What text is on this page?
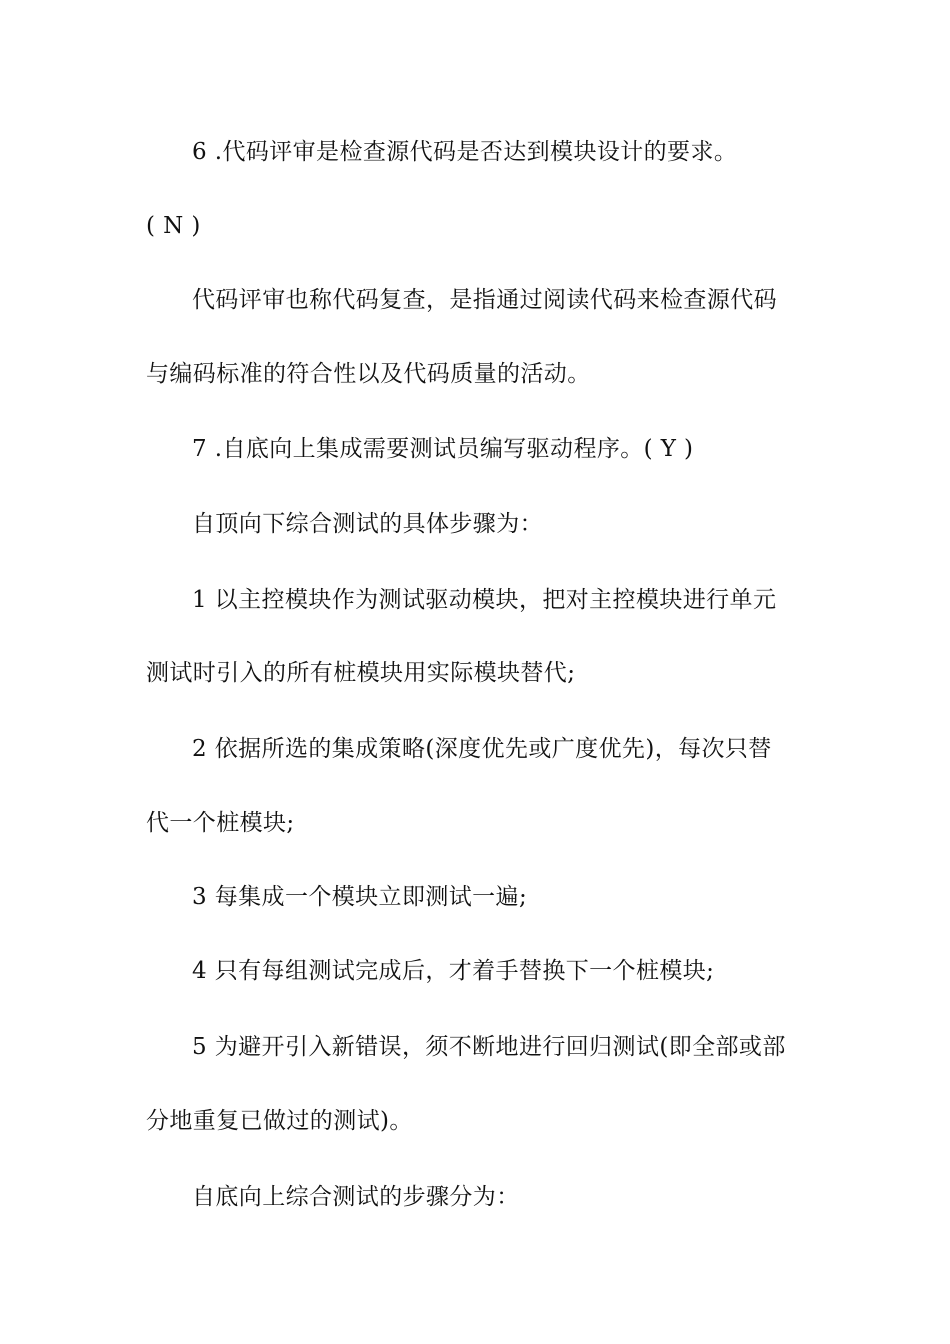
6 .代码评审是检查源代码是否达到模块设计的要求。
( N )
代码评审也称代码复查，是指通过阅读代码来检查源代码
与编码标准的符合性以及代码质量的活动。
7 .自底向上集成需要测试员编写驱动程序。( Y )
自顶向下综合测试的具体步骤为：
1 以主控模块作为测试驱动模块，把对主控模块进行单元
测试时引入的所有桩模块用实际模块替代;
2 依据所选的集成策略(深度优先或广度优先)，每次只替
代一个桩模块;
3 每集成一个模块立即测试一遍;
4 只有每组测试完成后，才着手替换下一个桩模块;
5 为避开引入新错误，须不断地进行回归测试(即全部或部
分地重复已做过的测试)。
自底向上综合测试的步骤分为：
